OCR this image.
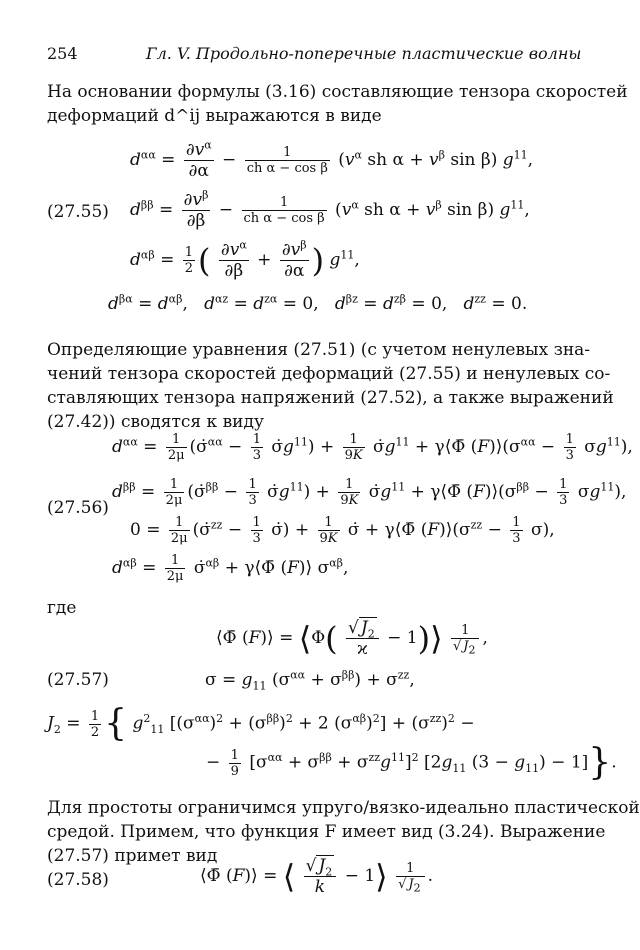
254	Гл. V. Продольно-поперечные пластические волны
На основании формулы (3.16) составляющие тензора скоростей
деформаций d^ij выражаются в виде
$d^{\alpha\alpha} = \frac{\partial v^\alpha}{\partial\alpha} - \frac{1}{\text{ch α − cos β}} (v^\alpha$ sh $\alpha + v^\beta$ sin β) $g^{11}$,
(27.55) $d^{\beta\beta} = \frac{\partial v^\beta}{\partial\beta} - \frac{1}{\text{ch α − cos β}} (v^\alpha$ sh $\alpha + v^\beta$ sin β) $g^{11}$,
$d^{\alpha\beta} = \frac{1}{2}$ ( $\frac{\partial v^\alpha}{\partial\beta} + \frac{\partial v^\beta}{\partial\alpha}$ ) $g^{11}$,
$d^{\beta\alpha} = d^{\alpha\beta}$,   $d^{\alpha z} = d^{z\alpha} = 0$,   $d^{\beta z} = d^{z\beta} = 0$,   $d^{zz} = 0$.
Определяющие уравнения (27.51) (с учетом ненулевых зна-
чений тензора скоростей деформаций (27.55) и ненулевых со-
ставляющих тензора напряжений (27.52), а также выражений
(27.42)) сводятся к виду
$d^{\alpha\alpha} = \frac{1}{2\mu}$ (σ̇$^{\alpha\alpha}$ − $\frac{1}{3}$ $\sigmȧg^{11}) + \frac{1}{9K}$ $\sigmȧg^{11}$ + γ⟨Φ̄ $(F)⟩(\sigma^{\alpha\alpha} - \frac{1}{3} \sigma g^{11})$,
(27.56)
$d^{\beta\beta} = \frac{1}{2\mu}$ (σ̇$^{\beta\beta}$ − $\frac{1}{3}$ $\sigmȧg^{11}) + \frac{1}{9K}$ $\sigmȧg^{11}$ + γ⟨Φ̄ $(F)⟩(\sigma^{\beta\beta} - \frac{1}{3} \sigma g^{11})$,
$0 = \frac{1}{2\mu}$ (σ̇$^{zz}$ − $\frac{1}{3}$ σ̇) + $\frac{1}{9K}$ σ̇ + γ⟨Φ̄ $(F)⟩(\sigma^{zz} - \frac{1}{3} \sigma)$,
$d^{\alpha\beta} = \frac{1}{2\mu}$ σ̇$^{\alpha\beta}$ + γ⟨Φ̄ (F)⟩ $\sigma^{\alpha\beta}$,
где
⟨Φ̄ (F)⟩ = ⟨Φ( $\frac{√ J_2}{ϰ}$ − 1)⟩ $\frac{1}{√ J_2}$ ,
(27.57)	$\sigma = g_{11}$ $(\sigma^{\alpha\alpha} + \sigma^{\beta\beta}) + \sigma^{zz}$,
$J_2 = \frac{1}{2}$ { $g^2_{11}$ [$(\sigma^{\alpha\alpha})^2 + (\sigma^{\beta\beta})^2 + 2$ $(\sigma^{\alpha\beta})^2] + (\sigma^{zz})^2$ −
− $\frac{1}{9} [\sigma^{\alpha\alpha} + \sigma^{\beta\beta} + \sigma^{zz}g^{11}]^2$ [$2g_{11}$ $(3 - g_{11}) - 1$]}.
Для простоты ограничимся упруго/вязко-идеально пластической
средой. Примем, что функция F имеет вид (3.24). Выражение
(27.57) примет вид
(27.58)	⟨Φ̄ (F)⟩ = ⟨ $\frac{√ J_2}{k}$ − 1⟩ $\frac{1}{√ J_2}$ .
